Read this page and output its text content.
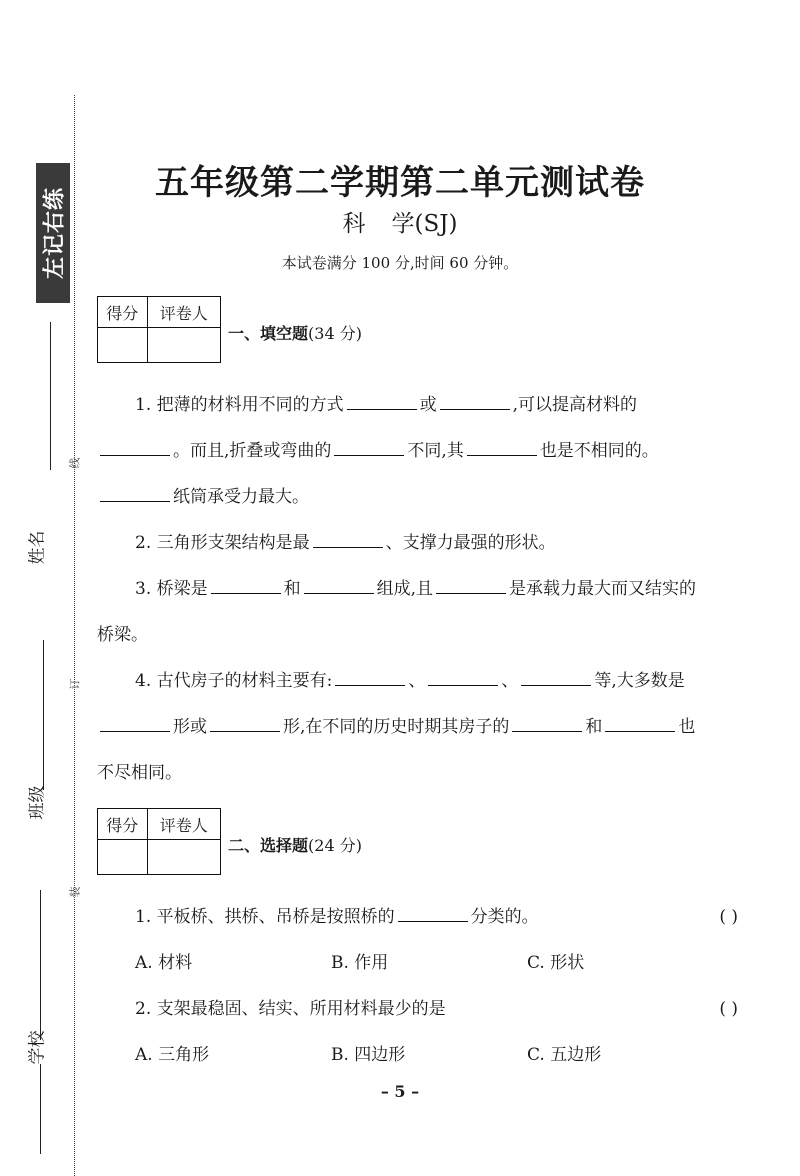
左记右练
姓名
班级
学校
线
订
装
五年级第二学期第二单元测试卷
科 学(SJ)
本试卷满分 100 分,时间 60 分钟。
得分	评卷人

一、填空题(34 分)

1. 把薄的材料用不同的方式	或	,可以提高材料的

。而且,折叠或弯曲的	不同,其	也是不相同的。

纸筒承受力最大。

2. 三角形支架结构是最	、支撑力最强的形状。

3. 桥梁是	和	组成,且	是承载力最大而又结实的

桥梁。

4. 古代房子的材料主要有:	、	、	等,大多数是

形或	形,在不同的历史时期其房子的	和	也

不尽相同。

得分	评卷人

二、选择题(24 分)

1. 平板桥、拱桥、吊桥是按照桥的	分类的。	( )

A. 材料	B. 作用	C. 形状

2. 支架最稳固、结实、所用材料最少的是	( )

A. 三角形	B. 四边形	C. 五边形
– 5 –
